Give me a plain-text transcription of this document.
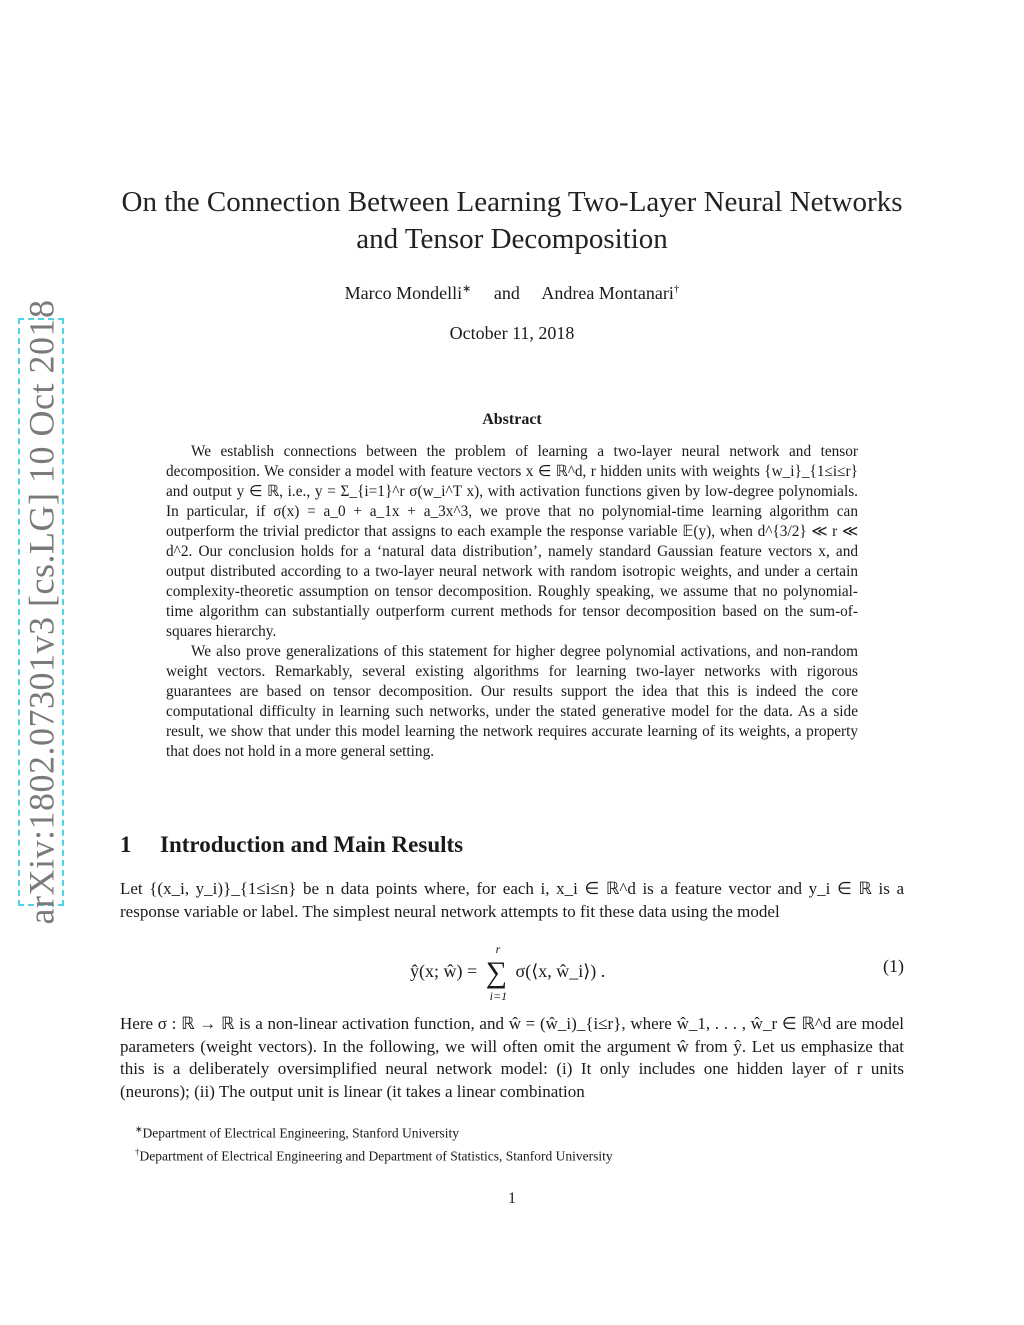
arXiv:1802.07301v3 [cs.LG] 10 Oct 2018
On the Connection Between Learning Two-Layer Neural Networks and Tensor Decomposition
Marco Mondelli∗ and Andrea Montanari†
October 11, 2018
Abstract

We establish connections between the problem of learning a two-layer neural network and tensor decomposition. We consider a model with feature vectors x ∈ ℝ^d, r hidden units with weights {w_i}_{1≤i≤r} and output y ∈ ℝ, i.e., y = Σ_{i=1}^r σ(w_i^T x), with activation functions given by low-degree polynomials. In particular, if σ(x) = a_0 + a_1x + a_3x^3, we prove that no polynomial-time learning algorithm can outperform the trivial predictor that assigns to each example the response variable 𝔼(y), when d^{3/2} ≪ r ≪ d^2. Our conclusion holds for a ‘natural data distribution’, namely standard Gaussian feature vectors x, and output distributed according to a two-layer neural network with random isotropic weights, and under a certain complexity-theoretic assumption on tensor decomposition. Roughly speaking, we assume that no polynomial-time algorithm can substantially outperform current methods for tensor decomposition based on the sum-of-squares hierarchy.

We also prove generalizations of this statement for higher degree polynomial activations, and non-random weight vectors. Remarkably, several existing algorithms for learning two-layer networks with rigorous guarantees are based on tensor decomposition. Our results support the idea that this is indeed the core computational difficulty in learning such networks, under the stated generative model for the data. As a side result, we show that under this model learning the network requires accurate learning of its weights, a property that does not hold in a more general setting.

1 Introduction and Main Results

Let {(x_i, y_i)}_{1≤i≤n} be n data points where, for each i, x_i ∈ ℝ^d is a feature vector and y_i ∈ ℝ is a response variable or label. The simplest neural network attempts to fit these data using the model

ŷ(x; ŵ) = ∑
r
i=1
σ(⟨x, ŵ_i⟩) .	(1)

Here σ : ℝ → ℝ is a non-linear activation function, and ŵ = (ŵ_i)_{i≤r}, where ŵ_1, . . . , ŵ_r ∈ ℝ^d are model parameters (weight vectors). In the following, we will often omit the argument ŵ from ŷ. Let us emphasize that this is a deliberately oversimplified neural network model: (i) It only includes one hidden layer of r units (neurons); (ii) The output unit is linear (it takes a linear combination

∗Department of Electrical Engineering, Stanford University
†Department of Electrical Engineering and Department of Statistics, Stanford University
1
